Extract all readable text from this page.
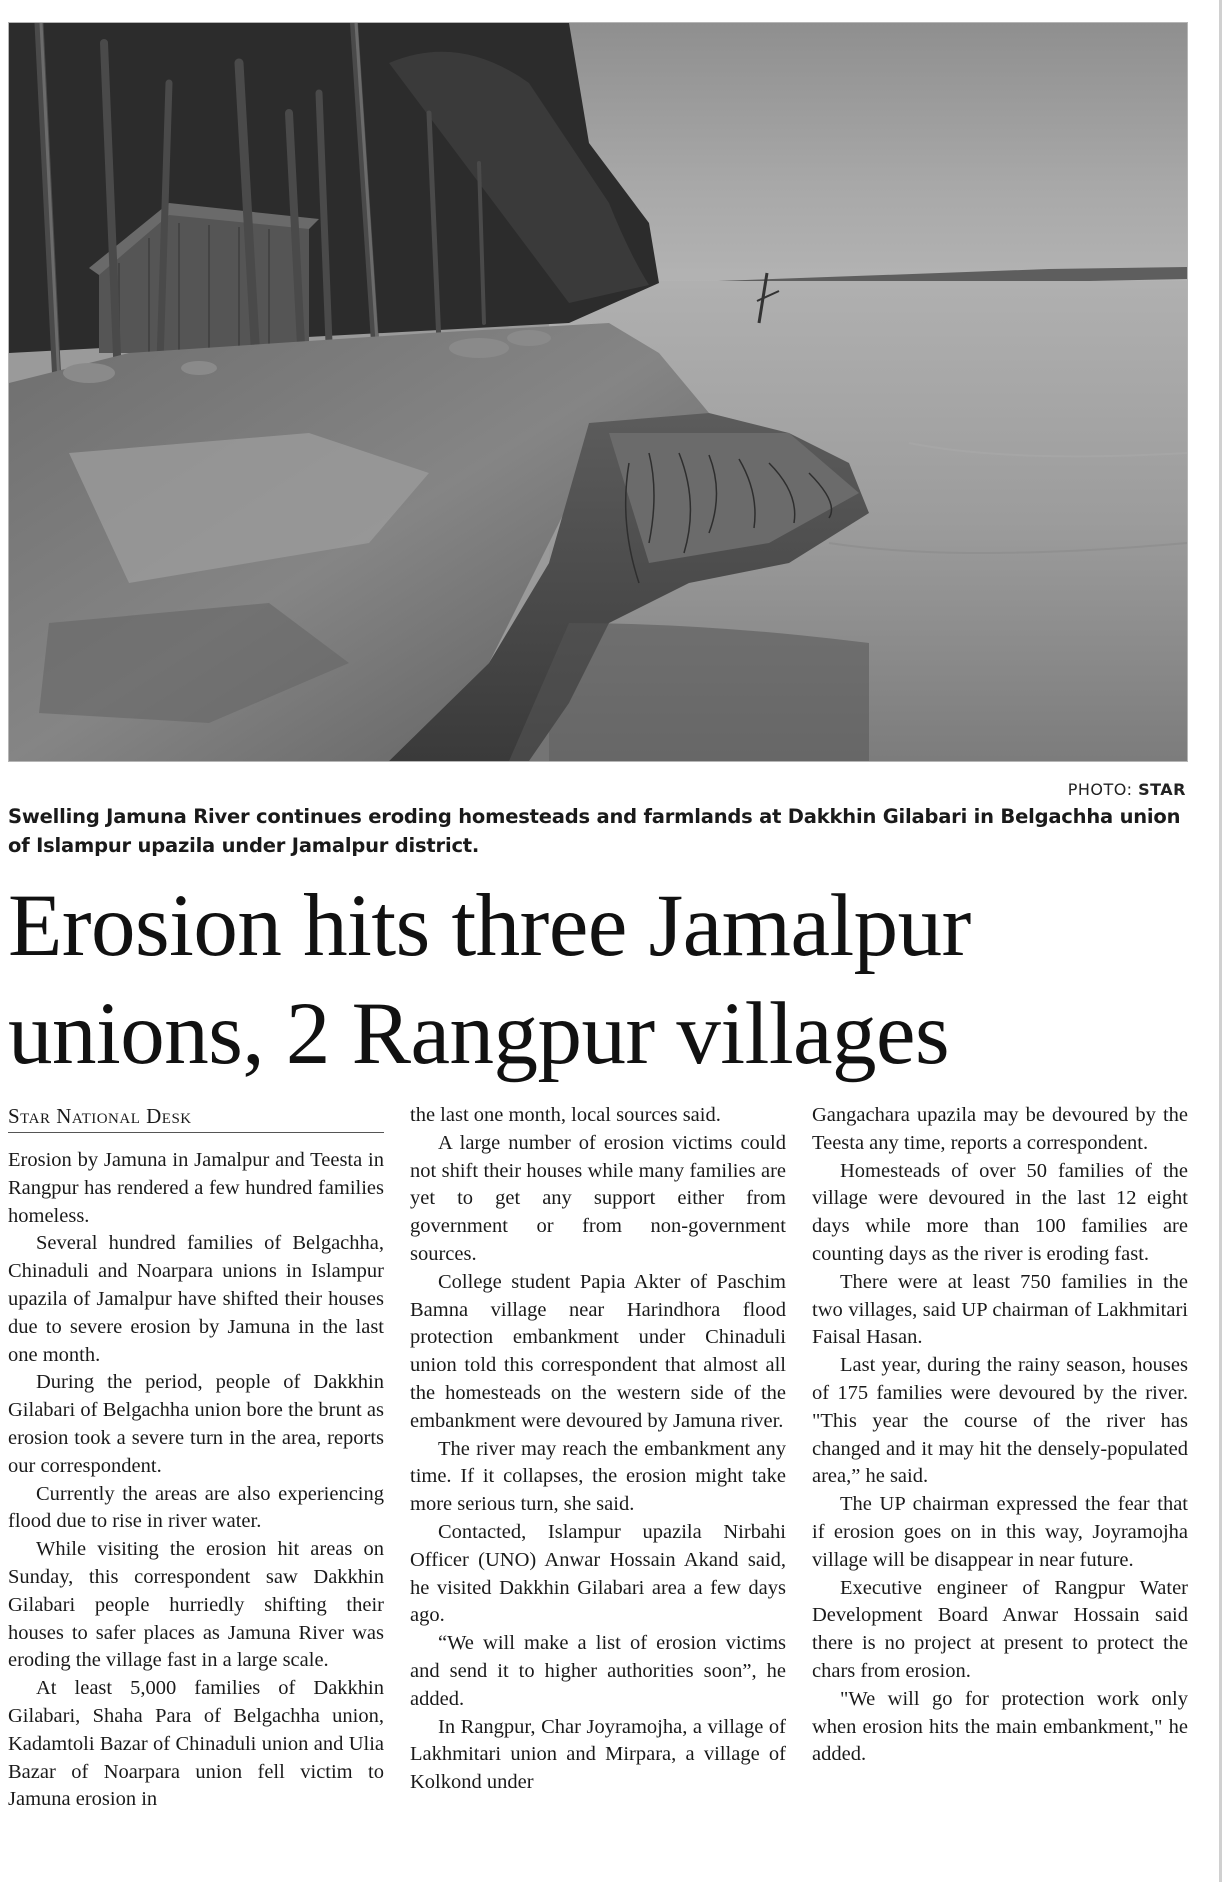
PHOTO: STAR
Swelling Jamuna River continues eroding homesteads and farmlands at Dakkhin Gilabari in Belgachha union of Islampur upazila under Jamalpur district.
Erosion hits three Jamalpur
unions, 2 Rangpur villages
Star National Desk

Erosion by Jamuna in Jamalpur and Teesta in Rangpur has rendered a few hundred families homeless.

Several hundred families of Belgachha, Chinaduli and Noarpara unions in Islampur upazila of Jamalpur have shifted their houses due to severe erosion by Jamuna in the last one month.

During the period, people of Dakkhin Gilabari of Belgachha union bore the brunt as erosion took a severe turn in the area, reports our correspondent.

Currently the areas are also experiencing flood due to rise in river water.

While visiting the erosion hit areas on Sunday, this correspondent saw Dakkhin Gilabari people hurriedly shifting their houses to safer places as Jamuna River was eroding the village fast in a large scale.

At least 5,000 families of Dakkhin Gilabari, Shaha Para of Belgachha union, Kadamtoli Bazar of Chinaduli union and Ulia Bazar of Noarpara union fell victim to Jamuna erosion in

the last one month, local sources said.

A large number of erosion victims could not shift their houses while many families are yet to get any support either from government or from non-government sources.

College student Papia Akter of Paschim Bamna village near Harindhora flood protection embankment under Chinaduli union told this correspondent that almost all the homesteads on the western side of the embankment were devoured by Jamuna river.

The river may reach the embankment any time. If it collapses, the erosion might take more serious turn, she said.

Contacted, Islampur upazila Nirbahi Officer (UNO) Anwar Hossain Akand said, he visited Dakkhin Gilabari area a few days ago.

“We will make a list of erosion victims and send it to higher authorities soon”, he added.

In Rangpur, Char Joyramojha, a village of Lakhmitari union and Mirpara, a village of Kolkond under

Gangachara upazila may be devoured by the Teesta any time, reports a correspondent.

Homesteads of over 50 families of the village were devoured in the last 12 eight days while more than 100 families are counting days as the river is eroding fast.

There were at least 750 families in the two villages, said UP chairman of Lakhmitari Faisal Hasan.

Last year, during the rainy season, houses of 175 families were devoured by the river. "This year the course of the river has changed and it may hit the densely-populated area,” he said.

The UP chairman expressed the fear that if erosion goes on in this way, Joyramojha village will be disappear in near future.

Executive engineer of Rangpur Water Development Board Anwar Hossain said there is no project at present to protect the chars from erosion.

"We will go for protection work only when erosion hits the main embankment," he added.
